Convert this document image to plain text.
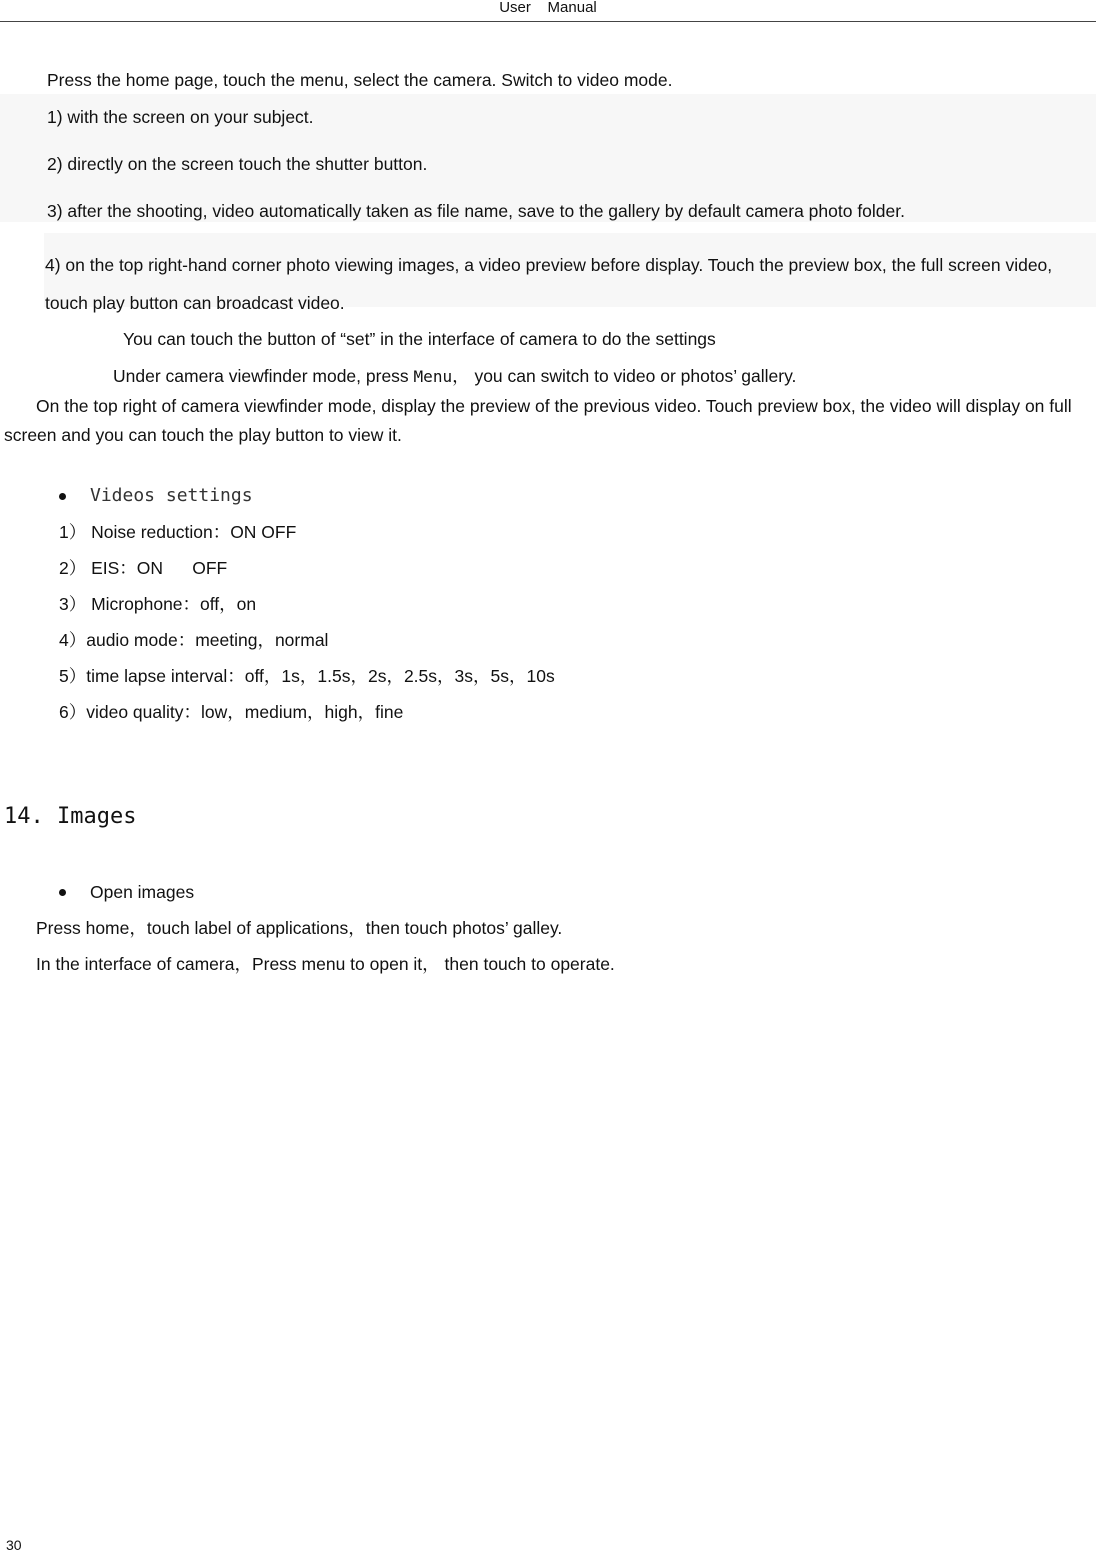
User    Manual
Press the home page, touch the menu, select the camera. Switch to video mode.
1) with the screen on your subject.
2) directly on the screen touch the shutter button.
3) after the shooting, video automatically taken as file name, save to the gallery by default camera photo folder.
4) on the top right-hand corner photo viewing images, a video preview before display. Touch the preview box, the full screen video, touch play button can broadcast video.
You can touch the button of “set” in the interface of camera to do the settings
Under camera viewfinder mode, press Menu， you can switch to video or photos’ gallery.
On the top right of camera viewfinder mode, display the preview of the previous video. Touch preview box, the video will display on full screen and you can touch the play button to view it.
Videos settings
1） Noise reduction：ON OFF
2） EIS：ON      OFF
3） Microphone：off，on
4）audio mode：meeting，normal
5）time lapse interval：off，1s，1.5s，2s，2.5s，3s，5s，10s
6）video quality：low，medium，high，fine
14. Images
Open images
Press home，touch label of applications，then touch photos’ galley.
In the interface of camera，Press menu to open it， then touch to operate.
30
